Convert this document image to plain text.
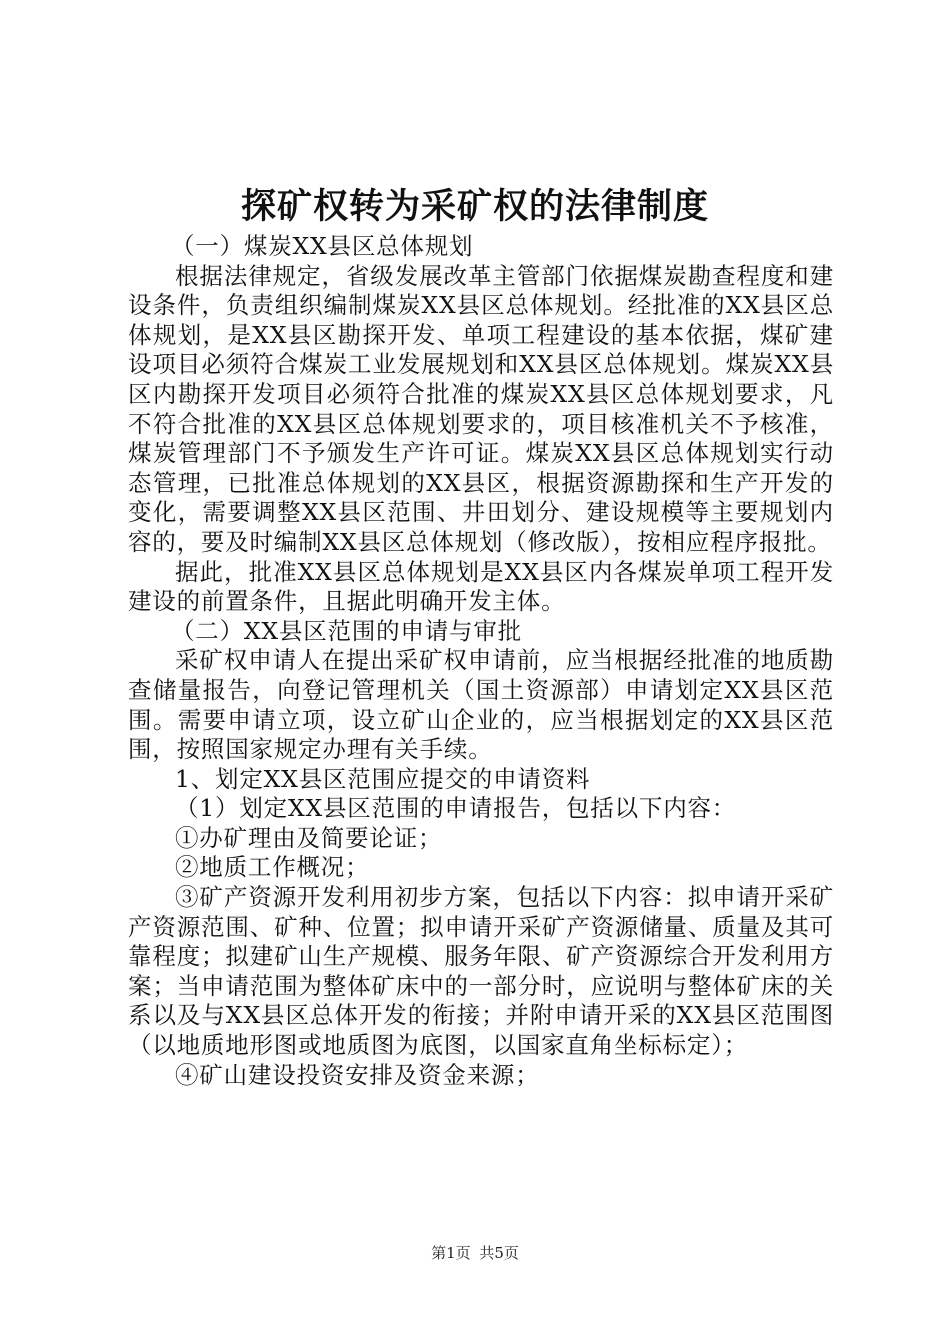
探矿权转为采矿权的法律制度

（一）煤炭XX县区总体规划

根据法律规定，省级发展改革主管部门依据煤炭勘查程度和建设条件，负责组织编制煤炭XX县区总体规划。经批准的XX县区总体规划，是XX县区勘探开发、单项工程建设的基本依据，煤矿建设项目必须符合煤炭工业发展规划和XX县区总体规划。煤炭XX县区内勘探开发项目必须符合批准的煤炭XX县区总体规划要求，凡不符合批准的XX县区总体规划要求的，项目核准机关不予核准，煤炭管理部门不予颁发生产许可证。煤炭XX县区总体规划实行动态管理，已批准总体规划的XX县区，根据资源勘探和生产开发的变化，需要调整XX县区范围、井田划分、建设规模等主要规划内容的，要及时编制XX县区总体规划（修改版），按相应程序报批。

据此，批准XX县区总体规划是XX县区内各煤炭单项工程开发建设的前置条件，且据此明确开发主体。

（二）XX县区范围的申请与审批

采矿权申请人在提出采矿权申请前，应当根据经批准的地质勘查储量报告，向登记管理机关（国土资源部）申请划定XX县区范围。需要申请立项，设立矿山企业的，应当根据划定的XX县区范围，按照国家规定办理有关手续。

1、划定XX县区范围应提交的申请资料

（1）划定XX县区范围的申请报告，包括以下内容：

①办矿理由及简要论证；

②地质工作概况；

③矿产资源开发利用初步方案，包括以下内容：拟申请开采矿产资源范围、矿种、位置；拟申请开采矿产资源储量、质量及其可靠程度；拟建矿山生产规模、服务年限、矿产资源综合开发利用方案；当申请范围为整体矿床中的一部分时，应说明与整体矿床的关系以及与XX县区总体开发的衔接；并附申请开采的XX县区范围图（以地质地形图或地质图为底图，以国家直角坐标标定）；

④矿山建设投资安排及资金来源；

第1页 共5页
